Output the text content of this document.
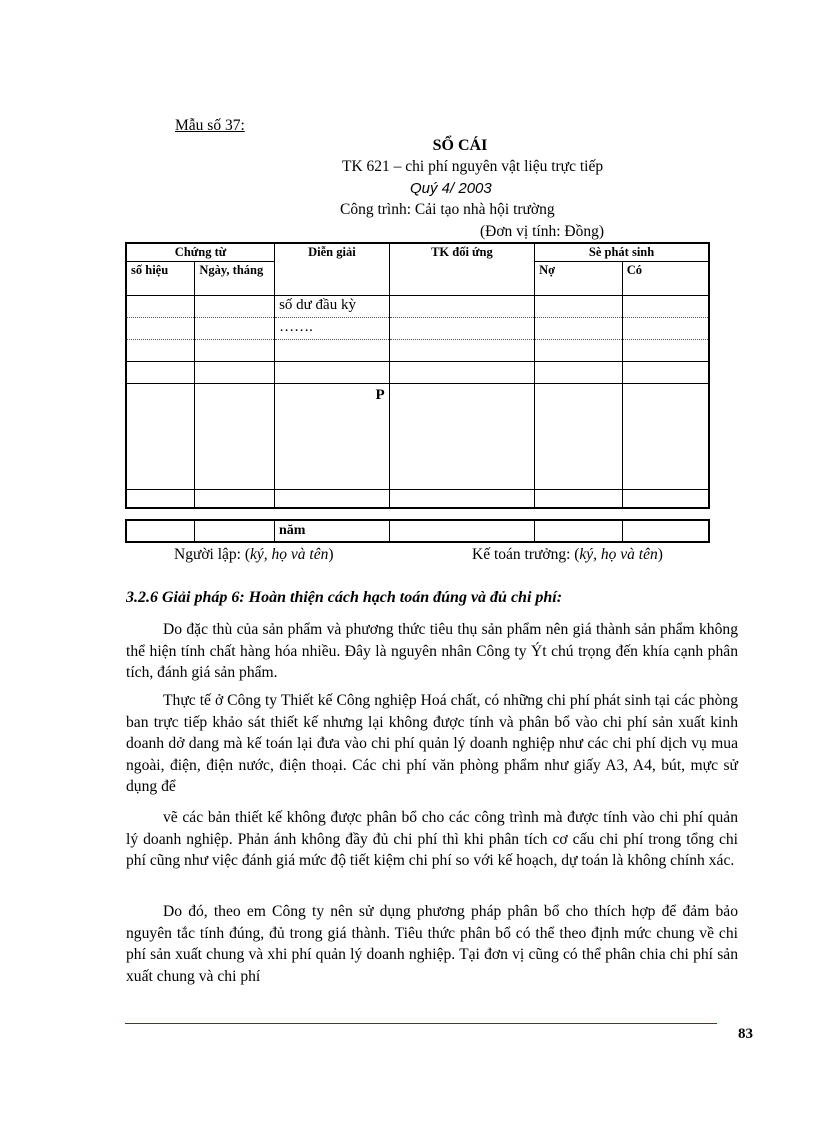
Mẫu số 37:
SỔ CÁI
TK 621 – chi phí nguyên vật liệu trực tiếp
Quý 4/ 2003
Công trình: Cải tạo nhà hội trường
(Đơn vị tính: Đồng)
Chứng từ		Diễn giải	TK đối ứng	Sè phát sinh	
số hiệu	Ngày, tháng			Nợ	Có
		số dư đầu kỳ			
		…….			

		P			

		năm			
Người lập: (ký, họ và tên)	Kế toán trưởng: (ký, họ và tên)
3.2.6 Giải pháp 6: Hoàn thiện cách hạch toán đúng và đủ chi phí:

Do đặc thù của sản phẩm và phương thức tiêu thụ sản phẩm nên giá thành sản phẩm không thể hiện tính chất hàng hóa nhiều. Đây là nguyên nhân Công ty Ýt chú trọng đến khía cạnh phân tích, đánh giá sản phẩm.

Thực tế ở Công ty Thiết kế Công nghiệp Hoá chất, có những chi phí phát sinh tại các phòng ban trực tiếp khảo sát thiết kế nhưng lại không được tính và phân bổ vào chi phí sản xuất kinh doanh dở dang mà kế toán lại đưa vào chi phí quản lý doanh nghiệp như các chi phí dịch vụ mua ngoài, điện, điện nước, điện thoại. Các chi phí văn phòng phẩm như giấy A3, A4, bút, mực sử dụng để

vẽ các bản thiết kế không được phân bổ cho các công trình mà được tính vào chi phí quản lý doanh nghiệp. Phản ánh không đầy đủ chi phí thì khi phân tích cơ cấu chi phí trong tổng chi phí cũng như việc đánh giá mức độ tiết kiệm chi phí so với kế hoạch, dự toán là không chính xác.

Do đó, theo em Công ty nên sử dụng phương pháp phân bổ cho thích hợp để đảm bảo nguyên tắc tính đúng, đủ trong giá thành. Tiêu thức phân bổ có thể theo định mức chung về chi phí sản xuất chung và xhi phí quản lý doanh nghiệp. Tại đơn vị cũng có thể phân chia chi phí sản xuất chung và chi phí

83
